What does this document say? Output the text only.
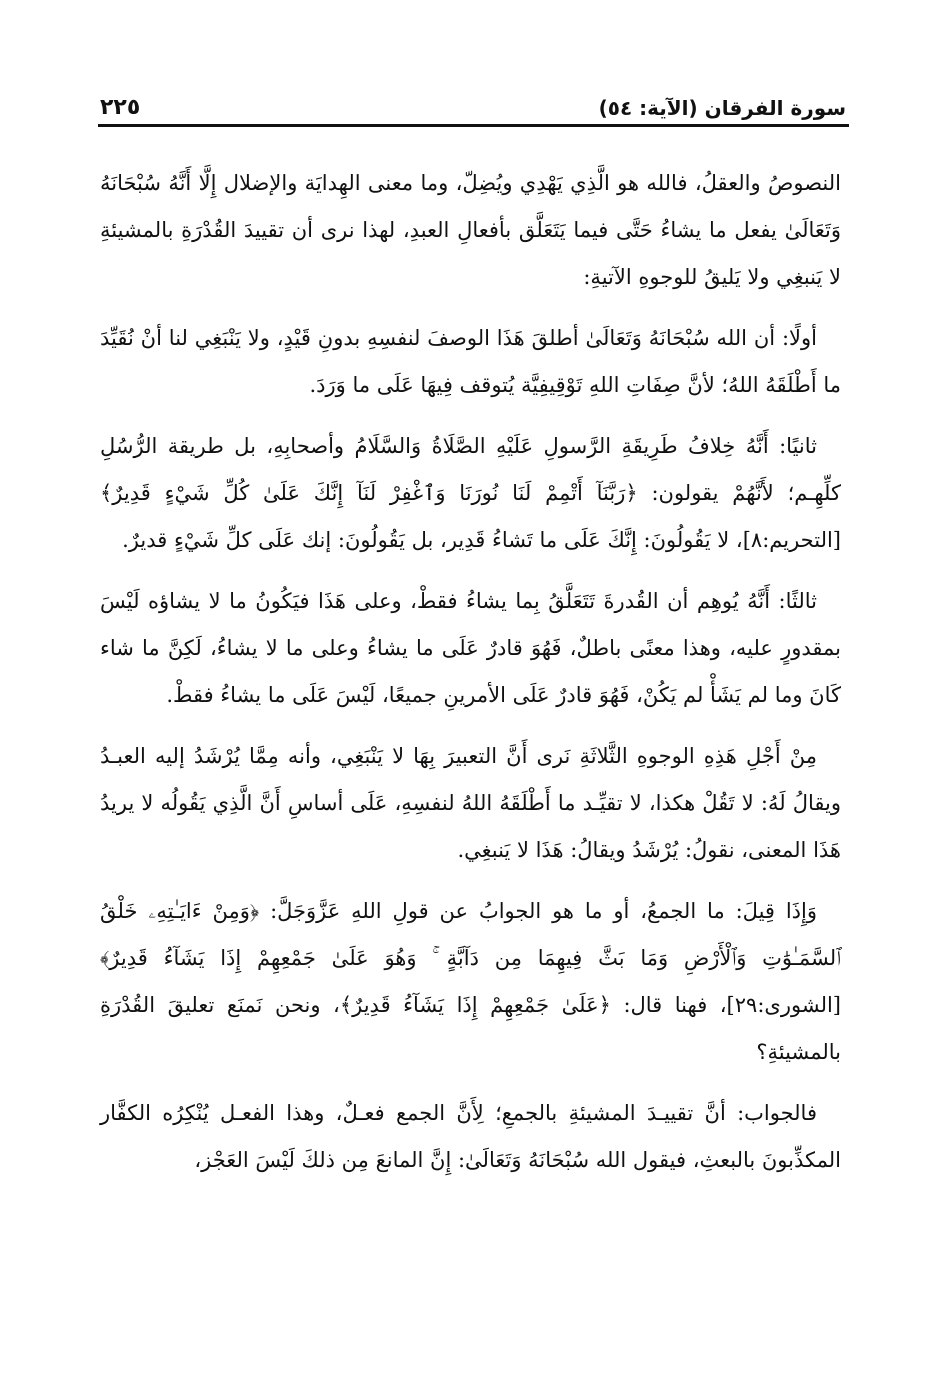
سورة الفرقان (الآية: ٥٤)
٢٢٥

النصوصُ والعقلُ، فالله هو الَّذِي يَهْدِي ويُضِلّ، وما معنى الهِدايَة والإضلال إِلَّا أَنَّهُ سُبْحَانَهُ وَتَعَالَىٰ يفعل ما يشاءُ حَتَّى فيما يَتَعَلَّق بأفعالِ العبدِ، لهذا نرى أن تقييدَ القُدْرَةِ بالمشيئةِ لا يَنبغِي ولا يَليقُ للوجوهِ الآتيةِ:

أولًا: أن الله سُبْحَانَهُ وَتَعَالَىٰ أطلقَ هَذَا الوصفَ لنفسِهِ بدونِ قَيْدٍ، ولا يَنْبَغِي لنا أنْ نُقَيِّدَ ما أَطْلَقَهُ اللهُ؛ لأنَّ صِفَاتِ اللهِ تَوْقِيفِيَّة يُتوقف فِيهَا عَلَى ما وَرَدَ.

ثانيًا: أَنَّهُ خِلافُ طَرِيقَةِ الرَّسولِ عَلَيْهِ الصَّلَاةُ وَالسَّلَامُ وأصحابِهِ، بل طريقة الرُّسُلِ كلِّهِـم؛ لأَنَّهُمْ يقولون: ﴿رَبَّنَآ أَتْمِمْ لَنَا نُورَنَا وَٱغْفِرْ لَنَآ إِنَّكَ عَلَىٰ كُلِّ شَيْءٍ قَدِيرٌ﴾ [التحريم:٨]، لا يَقُولُونَ: إِنَّكَ عَلَى ما تَشاءُ قَدِير، بل يَقُولُونَ: إنك عَلَى كلِّ شَيْءٍ قديرٌ.

ثالثًا: أَنَّهُ يُوهِم أن القُدرةَ تَتَعَلَّقُ بِما يشاءُ فقطْ، وعلى هَذَا فيَكُونُ ما لا يشاؤه لَيْسَ بمقدورٍ عليه، وهذا معنًى باطلٌ، فَهُوَ قادرٌ عَلَى ما يشاءُ وعلى ما لا يشاءُ، لَكِنَّ ما شاء كَانَ وما لم يَشَأْ لم يَكُنْ، فَهُوَ قادرٌ عَلَى الأمرينِ جميعًا، لَيْسَ عَلَى ما يشاءُ فقطْ.

مِنْ أَجْلِ هَذِهِ الوجوهِ الثَّلاثَةِ نَرى أَنَّ التعبيرَ بِهَا لا يَنْبَغِي، وأنه مِمَّا يُرْشَدُ إليه العبـدُ ويقالُ لَهُ: لا تَقُلْ هكذا، لا تقيِّـد ما أَطْلَقَهُ اللهُ لنفسِهِ، عَلَى أساسِ أَنَّ الَّذِي يَقُولُه لا يريدُ هَذَا المعنى، نقولُ: يُرْشَدُ ويقالُ: هَذَا لا يَنبغِي.

وَإِذَا قِيلَ: ما الجمعُ، أو ما هو الجوابُ عن قولِ اللهِ عَزَّوَجَلَّ: ﴿وَمِنْ ءَايَـٰتِهِۦ خَلْقُ ٱلسَّمَـٰوَٰتِ وَٱلْأَرْضِ وَمَا بَثَّ فِيهِمَا مِن دَآبَّةٍ ۚ وَهُوَ عَلَىٰ جَمْعِهِمْ إِذَا يَشَآءُ قَدِيرٌ﴾ [الشورى:٢٩]، فهنا قال: ﴿عَلَىٰ جَمْعِهِمْ إِذَا يَشَآءُ قَدِيرٌ﴾، ونحن نَمنَع تعليقَ القُدْرَةِ بالمشيئةِ؟

فالجواب: أنَّ تقييـدَ المشيئةِ بالجمعِ؛ لِأَنَّ الجمع فعـلٌ، وهذا الفعـل يُنْكِرُه الكفَّار المكذِّبونَ بالبعثِ، فيقول الله سُبْحَانَهُ وَتَعَالَىٰ: إِنَّ المانعَ مِن ذلكَ لَيْسَ العَجْز،
